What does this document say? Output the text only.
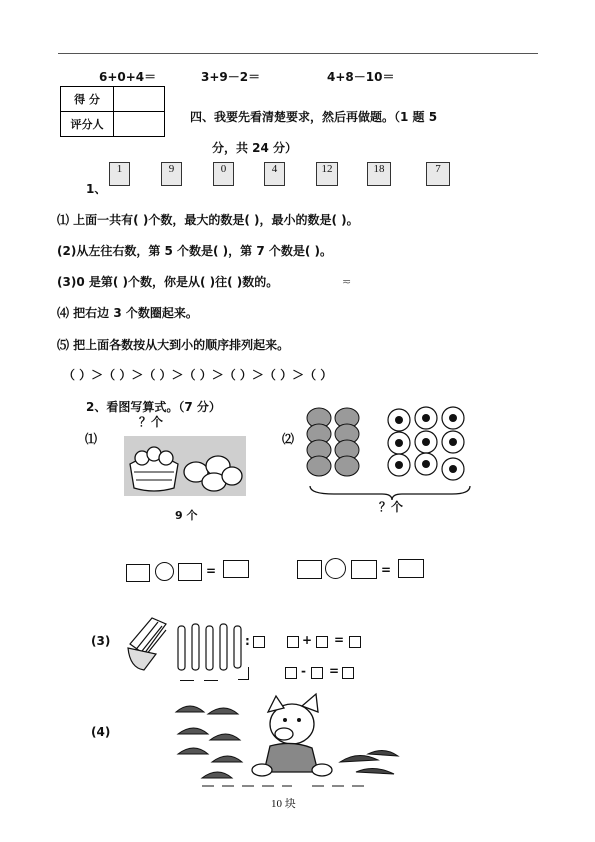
6+0+4＝	3+9－2＝	4+8－10＝
得 分	
评分人	
四、我要先看清楚要求，然后再做题。（1 题 5
分，共 24 分）
1、
1	9	0	4	12	18	7
⑴ 上面一共有( )个数，最大的数是( )，最小的数是( )。
(2)从左往右数，第 5 个数是( )，第 7 个数是( )。
(3)0 是第( )个数，你是从( )往( )数的。	≂
⑷ 把右边 3 个数圈起来。
⑸ 把上面各数按从大到小的顺序排列起来。
（ ）＞（ ）＞（ ）＞（ ）＞（ ）＞（ ）＞（ ）
2、看图写算式。（7 分）
⑴
？个
9 个
⑵
？个
=	=
(3)	:	+ =
- =
(4)
10 块
